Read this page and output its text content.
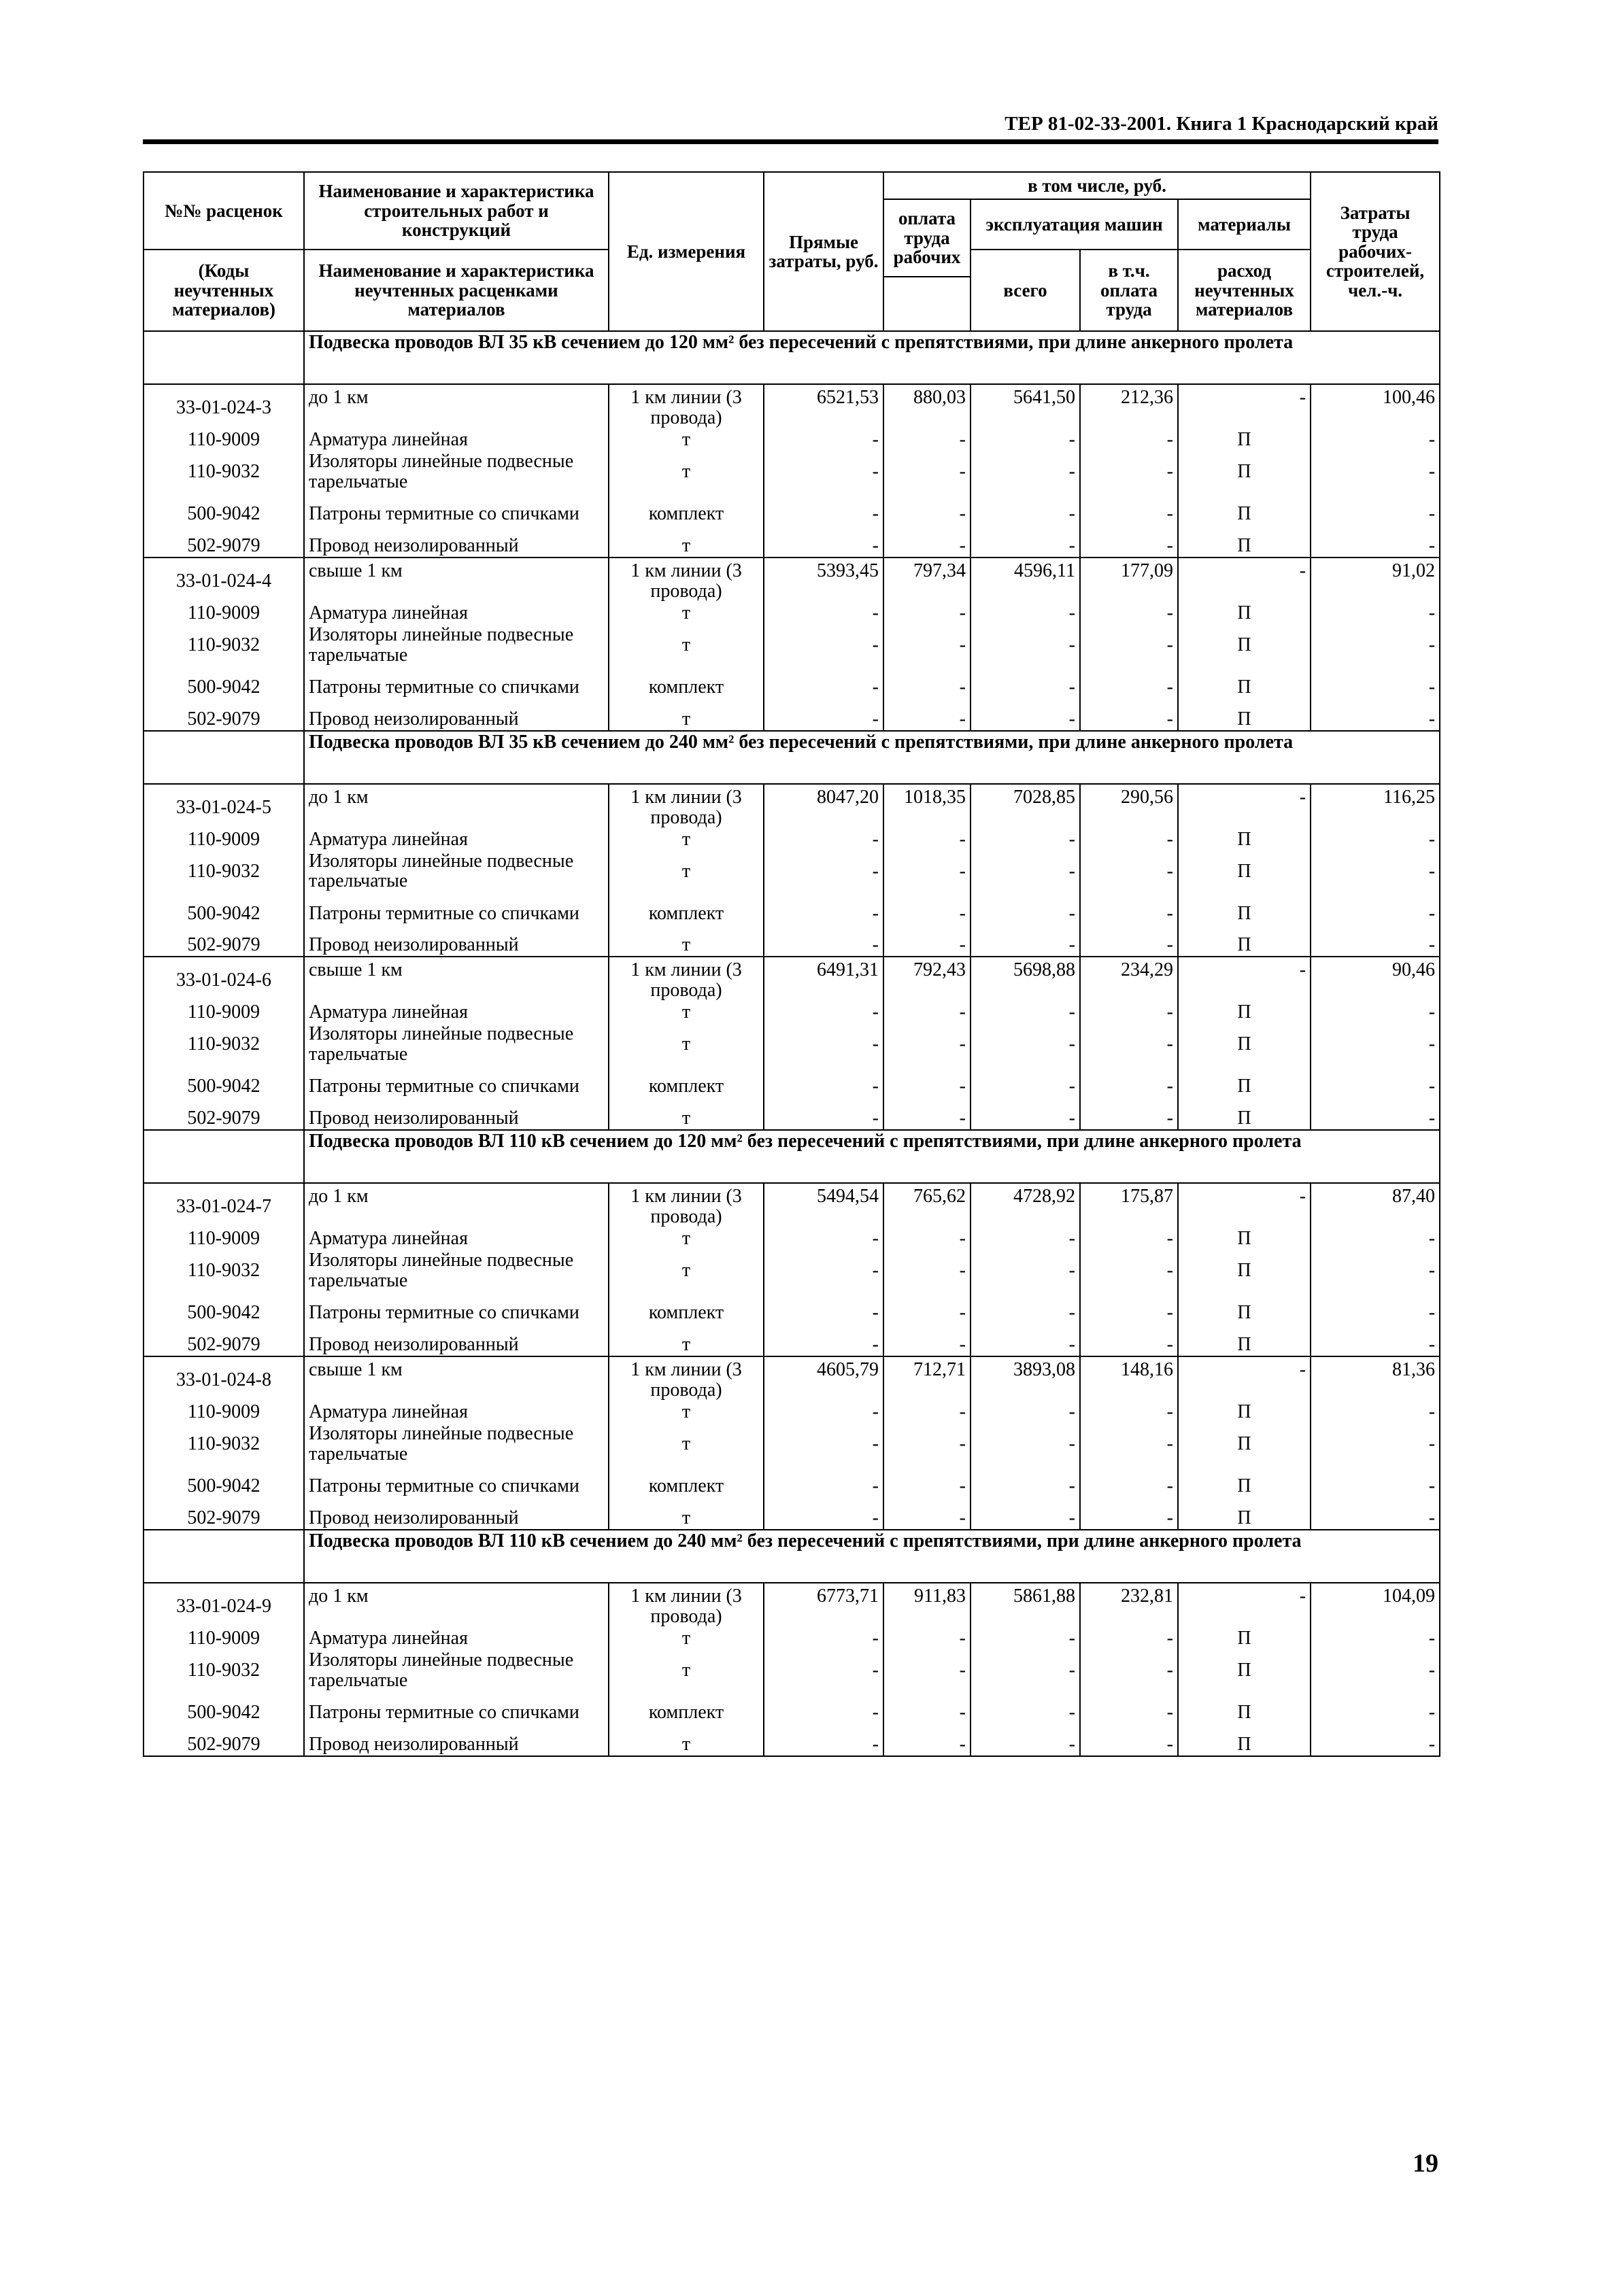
ТЕР 81-02-33-2001. Книга 1 Краснодарский край
№№ расценок	Наименование и характеристика строительных работ и конструкций	Ед. измерения	Прямые затраты, руб.	в том числе, руб.				Затраты труда рабочих-строителей, чел.-ч.
				оплата труда рабочих	эксплуатация машин		материалы	

(Коды неучтенных материалов)	Наименование и характеристика неучтенных расценками материалов				всего	в т.ч. оплата труда	расход неучтенных материалов	

	Подвеска проводов ВЛ 35 кВ сечением до 120 мм² без пересечений с препятствиями, при длине анкерного пролета							
33-01-024-3	до 1 км	1 км линии (3 провода)	6521,53	880,03	5641,50	212,36	-	100,46
110-9009	Арматура линейная	т	-	-	-	-	П	-
110-9032	Изоляторы линейные подвесные тарельчатые	т	-	-	-	-	П	-
500-9042	Патроны термитные со спичками	комплект	-	-	-	-	П	-
502-9079	Провод неизолированный	т	-	-	-	-	П	-
33-01-024-4	свыше 1 км	1 км линии (3 провода)	5393,45	797,34	4596,11	177,09	-	91,02
110-9009	Арматура линейная	т	-	-	-	-	П	-
110-9032	Изоляторы линейные подвесные тарельчатые	т	-	-	-	-	П	-
500-9042	Патроны термитные со спичками	комплект	-	-	-	-	П	-
502-9079	Провод неизолированный	т	-	-	-	-	П	-
	Подвеска проводов ВЛ 35 кВ сечением до 240 мм² без пересечений с препятствиями, при длине анкерного пролета							
33-01-024-5	до 1 км	1 км линии (3 провода)	8047,20	1018,35	7028,85	290,56	-	116,25
110-9009	Арматура линейная	т	-	-	-	-	П	-
110-9032	Изоляторы линейные подвесные тарельчатые	т	-	-	-	-	П	-
500-9042	Патроны термитные со спичками	комплект	-	-	-	-	П	-
502-9079	Провод неизолированный	т	-	-	-	-	П	-
33-01-024-6	свыше 1 км	1 км линии (3 провода)	6491,31	792,43	5698,88	234,29	-	90,46
110-9009	Арматура линейная	т	-	-	-	-	П	-
110-9032	Изоляторы линейные подвесные тарельчатые	т	-	-	-	-	П	-
500-9042	Патроны термитные со спичками	комплект	-	-	-	-	П	-
502-9079	Провод неизолированный	т	-	-	-	-	П	-
	Подвеска проводов ВЛ 110 кВ сечением до 120 мм² без пересечений с препятствиями, при длине анкерного пролета							
33-01-024-7	до 1 км	1 км линии (3 провода)	5494,54	765,62	4728,92	175,87	-	87,40
110-9009	Арматура линейная	т	-	-	-	-	П	-
110-9032	Изоляторы линейные подвесные тарельчатые	т	-	-	-	-	П	-
500-9042	Патроны термитные со спичками	комплект	-	-	-	-	П	-
502-9079	Провод неизолированный	т	-	-	-	-	П	-
33-01-024-8	свыше 1 км	1 км линии (3 провода)	4605,79	712,71	3893,08	148,16	-	81,36
110-9009	Арматура линейная	т	-	-	-	-	П	-
110-9032	Изоляторы линейные подвесные тарельчатые	т	-	-	-	-	П	-
500-9042	Патроны термитные со спичками	комплект	-	-	-	-	П	-
502-9079	Провод неизолированный	т	-	-	-	-	П	-
	Подвеска проводов ВЛ 110 кВ сечением до 240 мм² без пересечений с препятствиями, при длине анкерного пролета							
33-01-024-9	до 1 км	1 км линии (3 провода)	6773,71	911,83	5861,88	232,81	-	104,09
110-9009	Арматура линейная	т	-	-	-	-	П	-
110-9032	Изоляторы линейные подвесные тарельчатые	т	-	-	-	-	П	-
500-9042	Патроны термитные со спичками	комплект	-	-	-	-	П	-
502-9079	Провод неизолированный	т	-	-	-	-	П	-
19
